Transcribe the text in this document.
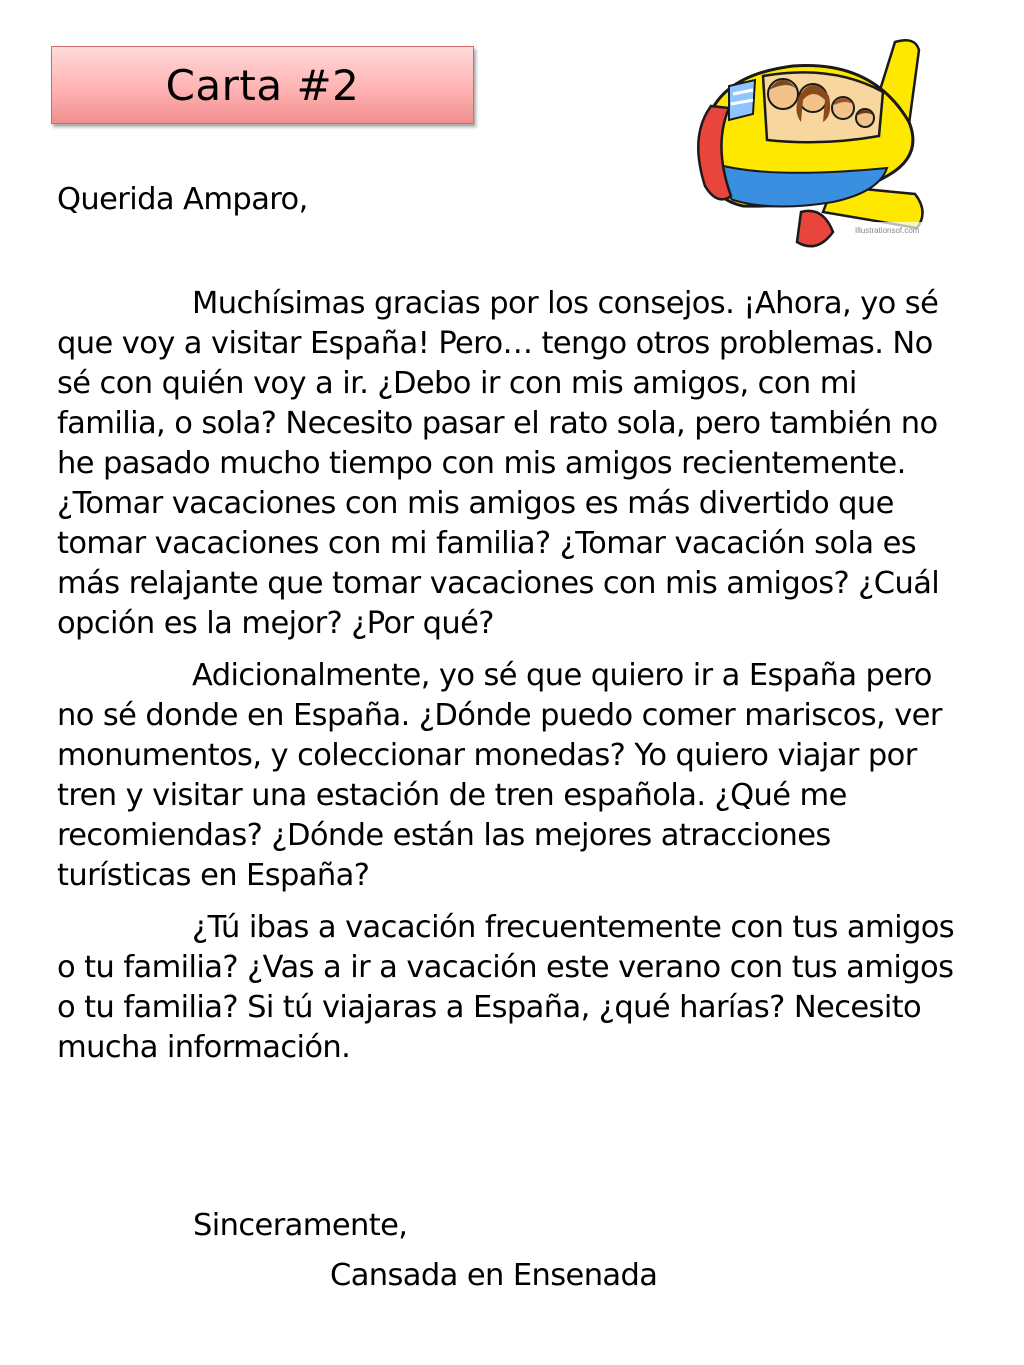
Carta #2
Illustrationsof.com

Querida Amparo,

Muchísimas gracias por los consejos. ¡Ahora, yo sé que voy a visitar España! Pero… tengo otros problemas. No sé con quién voy a ir. ¿Debo ir con mis amigos, con mi familia, o sola? Necesito pasar el rato sola, pero también no he pasado mucho tiempo con mis amigos recientemente. ¿Tomar vacaciones con mis amigos es más divertido que tomar vacaciones con mi familia? ¿Tomar vacación sola es más relajante que tomar vacaciones con mis amigos? ¿Cuál opción es la mejor? ¿Por qué?

Adicionalmente, yo sé que quiero ir a España pero no sé donde en España. ¿Dónde puedo comer mariscos, ver monumentos, y coleccionar monedas? Yo quiero viajar por tren y visitar una estación de tren española. ¿Qué me recomiendas? ¿Dónde están las mejores atracciones turísticas en España?

¿Tú ibas a vacación frecuentemente con tus amigos o tu familia? ¿Vas a ir a vacación este verano con tus amigos o tu familia? Si tú viajaras a España, ¿qué harías? Necesito mucha información.

Sinceramente,
Cansada en Ensenada
